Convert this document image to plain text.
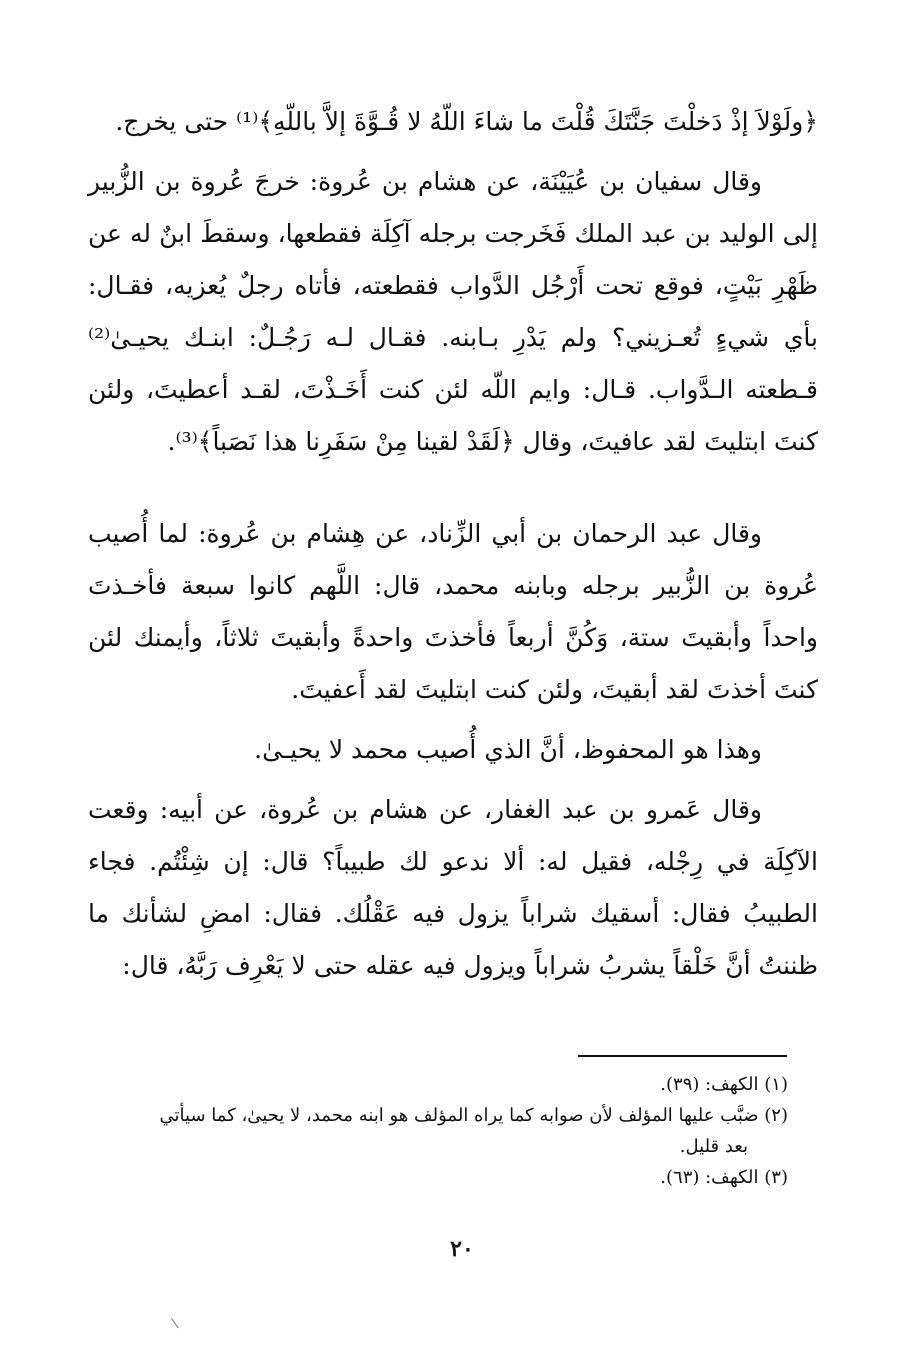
﴿ولَوْلاَ إذْ دَخلْتَ جَنَّتَكَ قُلْتَ ما شاءَ اللّهُ لا قُـوَّةَ إلاَّ باللّهِ﴾⁽¹⁾ حتى يخرج.

وقال سفيان بن عُيَيْنَة، عن هشام بن عُروة: خرجَ عُروة بن الزُّبير إلى الوليد بن عبد الملك فَخَرجت برجله آكِلَة فقطعها، وسقطَ ابنٌ له عن ظَهْرِ بَيْتٍ، فوقع تحت أَرْجُل الدَّواب فقطعته، فأتاه رجلٌ يُعزيه، فقـال: بأي شيءٍ تُعـزيني؟ ولم يَدْرِ بـابنه. فقـال لـه رَجُـلٌ: ابنـك يحيـىٰ⁽²⁾ قـطعته الـدَّواب. قـال: وايم اللّه لئن كنت أَخَـذْتَ، لقـد أعطيتَ، ولئن كنتَ ابتليتَ لقد عافيتَ، وقال ﴿لَقَدْ لقينا مِنْ سَفَرِنا هذا نَصَباً﴾⁽³⁾.

وقال عبد الرحمان بن أبي الزِّناد، عن هِشام بن عُروة: لما أُصيب عُروة بن الزُّبير برجله وبابنه محمد، قال: اللَّهم كانوا سبعة فأخـذتَ واحداً وأبقيتَ ستة، وَكُنَّ أربعاً فأخذتَ واحدةً وأبقيتَ ثلاثاً، وأيمنك لئن كنتَ أخذتَ لقد أبقيتَ، ولئن كنت ابتليتَ لقد أَعفيتَ.

وهذا هو المحفوظ، أنَّ الذي أُصيب محمد لا يحيـىٰ.

وقال عَمرو بن عبد الغفار، عن هشام بن عُروة، عن أبيه: وقعت الآكِلَة في رِجْله، فقيل له: ألا ندعو لك طبيباً؟ قال: إن شِئْتُم. فجاء الطبيبُ فقال: أسقيك شراباً يزول فيه عَقْلُك. فقال: امضِ لشأنك ما ظننتُ أنَّ خَلْقاً يشربُ شراباً ويزول فيه عقله حتى لا يَعْرِف رَبَّهُ، قال:

(١) الكهف: (٣٩).

(٢) ضبَّب عليها المؤلف لأن صوابه كما يراه المؤلف هو ابنه محمد، لا يحيىٰ، كما سيأتي

بعد قليل.

(٣) الكهف: (٦٣).

٢٠
